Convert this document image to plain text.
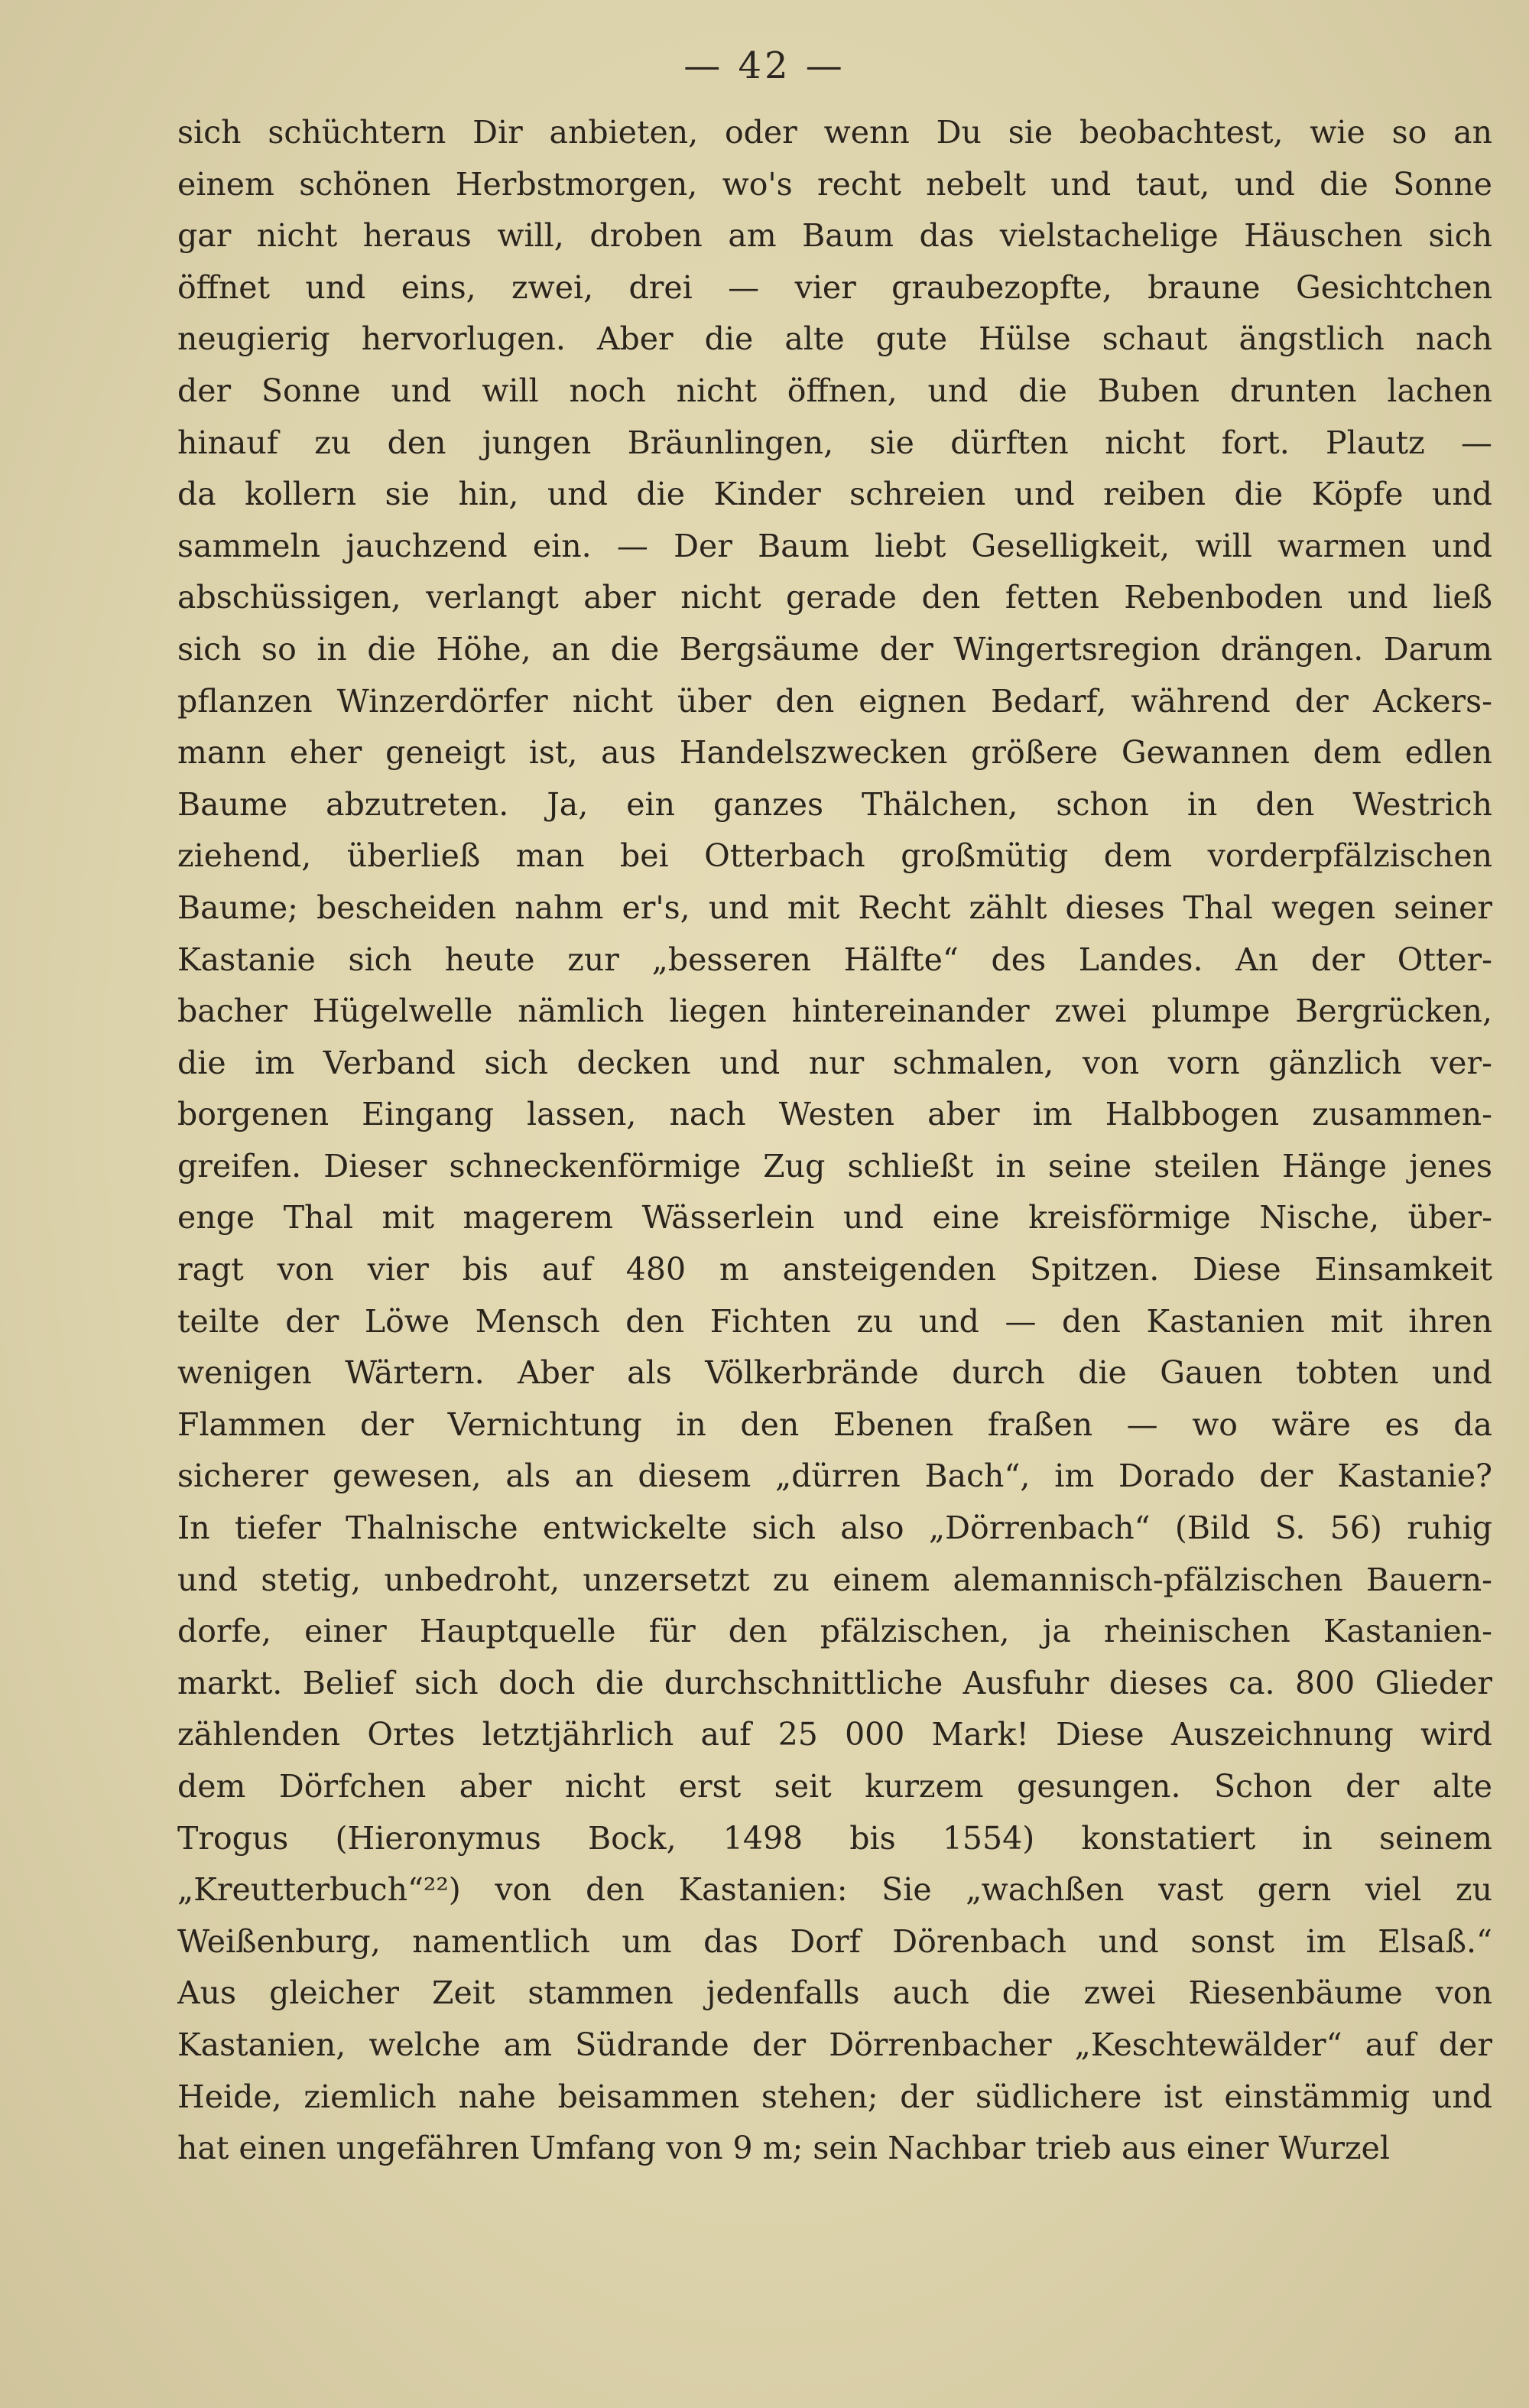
— 42 —
sich schüchtern Dir anbieten, oder wenn Du sie beobachtest, wie so an
einem schönen Herbstmorgen, wo's recht nebelt und taut, und die Sonne
gar nicht heraus will, droben am Baum das vielstachelige Häuschen sich
öffnet und eins, zwei, drei — vier graubezopfte, braune Gesichtchen
neugierig hervorlugen. Aber die alte gute Hülse schaut ängstlich nach
der Sonne und will noch nicht öffnen, und die Buben drunten lachen
hinauf zu den jungen Bräunlingen, sie dürften nicht fort. Plautz —
da kollern sie hin, und die Kinder schreien und reiben die Köpfe und
sammeln jauchzend ein. — Der Baum liebt Geselligkeit, will warmen und
abschüssigen, verlangt aber nicht gerade den fetten Rebenboden und ließ
sich so in die Höhe, an die Bergsäume der Wingertsregion drängen. Darum
pflanzen Winzerdörfer nicht über den eignen Bedarf, während der Ackers-
mann eher geneigt ist, aus Handelszwecken größere Gewannen dem edlen
Baume abzutreten. Ja, ein ganzes Thälchen, schon in den Westrich
ziehend, überließ man bei Otterbach großmütig dem vorderpfälzischen
Baume; bescheiden nahm er's, und mit Recht zählt dieses Thal wegen seiner
Kastanie sich heute zur „besseren Hälfte“ des Landes. An der Otter-
bacher Hügelwelle nämlich liegen hintereinander zwei plumpe Bergrücken,
die im Verband sich decken und nur schmalen, von vorn gänzlich ver-
borgenen Eingang lassen, nach Westen aber im Halbbogen zusammen-
greifen. Dieser schneckenförmige Zug schließt in seine steilen Hänge jenes
enge Thal mit magerem Wässerlein und eine kreisförmige Nische, über-
ragt von vier bis auf 480 m ansteigenden Spitzen. Diese Einsamkeit
teilte der Löwe Mensch den Fichten zu und — den Kastanien mit ihren
wenigen Wärtern. Aber als Völkerbrände durch die Gauen tobten und
Flammen der Vernichtung in den Ebenen fraßen — wo wäre es da
sicherer gewesen, als an diesem „dürren Bach“, im Dorado der Kastanie?
In tiefer Thalnische entwickelte sich also „Dörrenbach“ (Bild S. 56) ruhig
und stetig, unbedroht, unzersetzt zu einem alemannisch-pfälzischen Bauern-
dorfe, einer Hauptquelle für den pfälzischen, ja rheinischen Kastanien-
markt. Belief sich doch die durchschnittliche Ausfuhr dieses ca. 800 Glieder
zählenden Ortes letztjährlich auf 25 000 Mark! Diese Auszeichnung wird
dem Dörfchen aber nicht erst seit kurzem gesungen. Schon der alte
Trogus (Hieronymus Bock, 1498 bis 1554) konstatiert in seinem
„Kreutterbuch“²²) von den Kastanien: Sie „wachßen vast gern viel zu
Weißenburg, namentlich um das Dorf Dörenbach und sonst im Elsaß.“
Aus gleicher Zeit stammen jedenfalls auch die zwei Riesenbäume von
Kastanien, welche am Südrande der Dörrenbacher „Keschtewälder“ auf der
Heide, ziemlich nahe beisammen stehen; der südlichere ist einstämmig und
hat einen ungefähren Umfang von 9 m; sein Nachbar trieb aus einer Wurzel
